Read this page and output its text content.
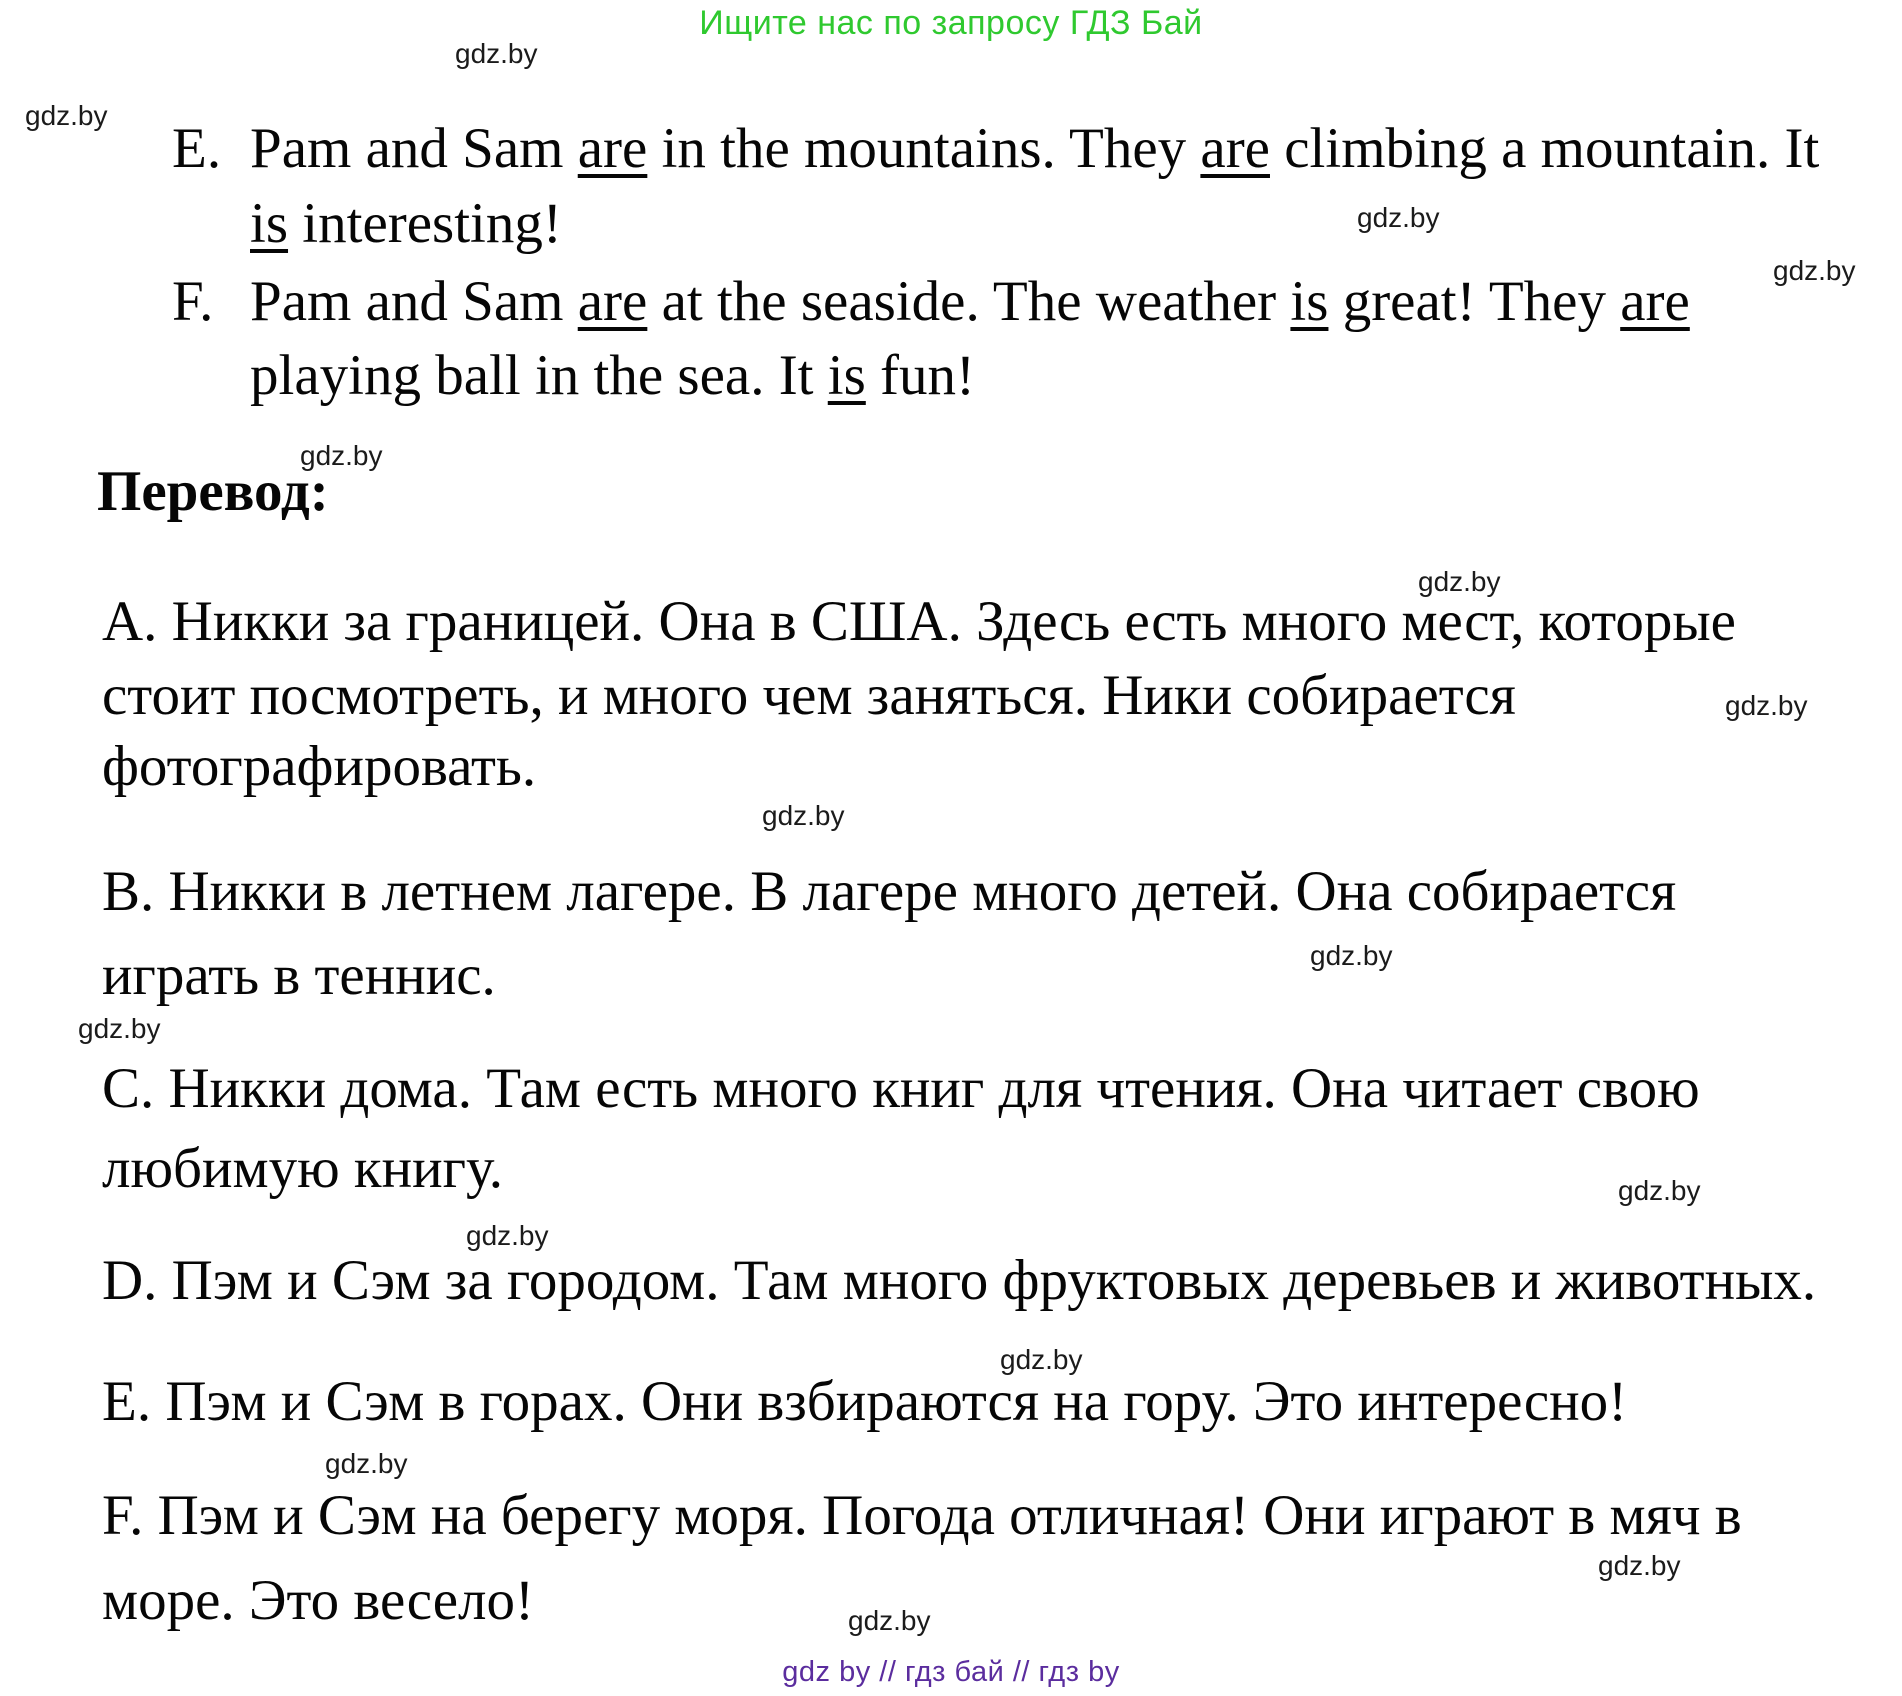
Ищите нас по запросу ГДЗ Бай
E. Pam and Sam are in the mountains. They are climbing a mountain. It
is interesting!
F. Pam and Sam are at the seaside. The weather is great! They are
playing ball in the sea. It is fun!
Перевод:
А. Никки за границей. Она в США. Здесь есть много мест, которые
стоит посмотреть, и много чем заняться. Ники собирается
фотографировать.
В. Никки в летнем лагере. В лагере много детей. Она собирается
играть в теннис.
С. Никки дома. Там есть много книг для чтения. Она читает свою
любимую книгу.
D. Пэм и Сэм за городом. Там много фруктовых деревьев и животных.
Е. Пэм и Сэм в горах. Они взбираются на гору. Это интересно!
F. Пэм и Сэм на берегу моря. Погода отличная! Они играют в мяч в
море. Это весело!
gdz.by
gdz.by
gdz.by
gdz.by
gdz.by
gdz.by
gdz.by
gdz.by
gdz.by
gdz.by
gdz.by
gdz.by
gdz.by
gdz.by
gdz.by
gdz.by
gdz by // гдз бай // гдз by
